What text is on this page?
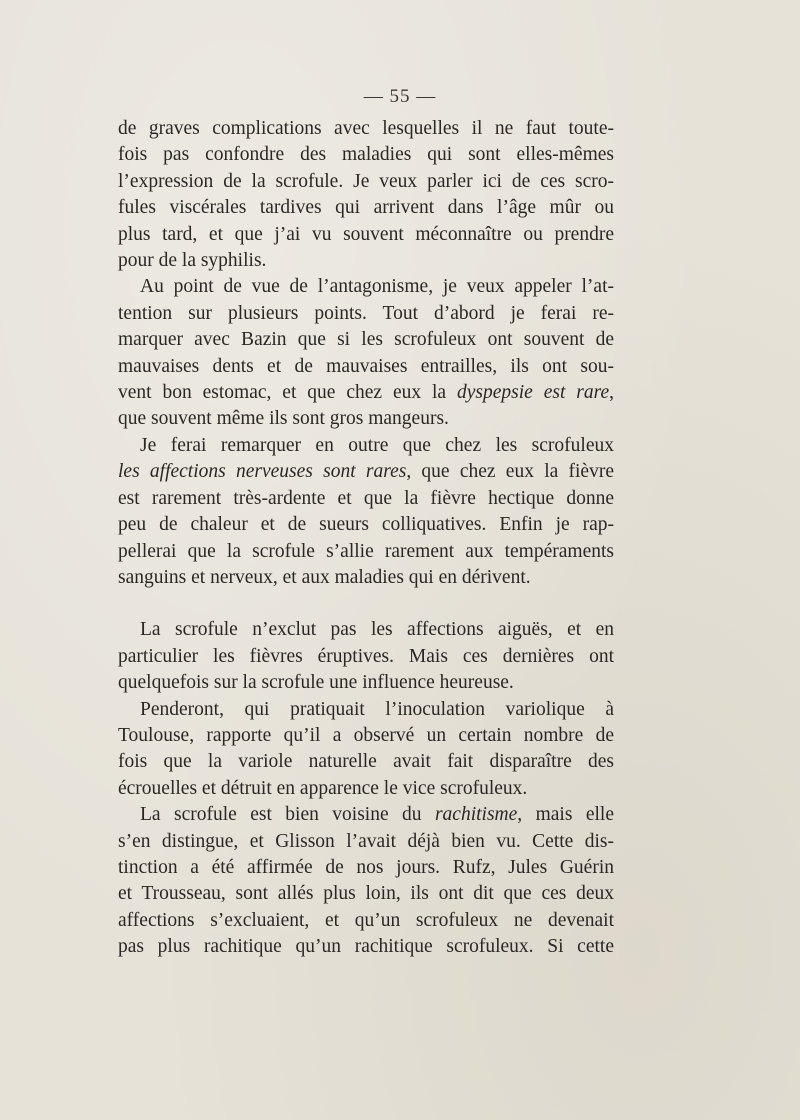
— 55 —
de graves complications avec lesquelles il ne faut toute-
fois pas confondre des maladies qui sont elles-mêmes
l’expression de la scrofule. Je veux parler ici de ces scro-
fules viscérales tardives qui arrivent dans l’âge mûr ou
plus tard, et que j’ai vu souvent méconnaître ou prendre
pour de la syphilis.
Au point de vue de l’antagonisme, je veux appeler l’at-
tention sur plusieurs points. Tout d’abord je ferai re-
marquer avec Bazin que si les scrofuleux ont souvent de
mauvaises dents et de mauvaises entrailles, ils ont sou-
vent bon estomac, et que chez eux la dyspepsie est rare,
que souvent même ils sont gros mangeurs.
Je ferai remarquer en outre que chez les scrofuleux
les affections nerveuses sont rares, que chez eux la fièvre
est rarement très-ardente et que la fièvre hectique donne
peu de chaleur et de sueurs colliquatives. Enfin je rap-
pellerai que la scrofule s’allie rarement aux tempéraments
sanguins et nerveux, et aux maladies qui en dérivent.
La scrofule n’exclut pas les affections aiguës, et en
particulier les fièvres éruptives. Mais ces dernières ont
quelquefois sur la scrofule une influence heureuse.
Penderont, qui pratiquait l’inoculation variolique à
Toulouse, rapporte qu’il a observé un certain nombre de
fois que la variole naturelle avait fait disparaître des
écrouelles et détruit en apparence le vice scrofuleux.
La scrofule est bien voisine du rachitisme, mais elle
s’en distingue, et Glisson l’avait déjà bien vu. Cette dis-
tinction a été affirmée de nos jours. Rufz, Jules Guérin
et Trousseau, sont allés plus loin, ils ont dit que ces deux
affections s’excluaient, et qu’un scrofuleux ne devenait
pas plus rachitique qu’un rachitique scrofuleux. Si cette
